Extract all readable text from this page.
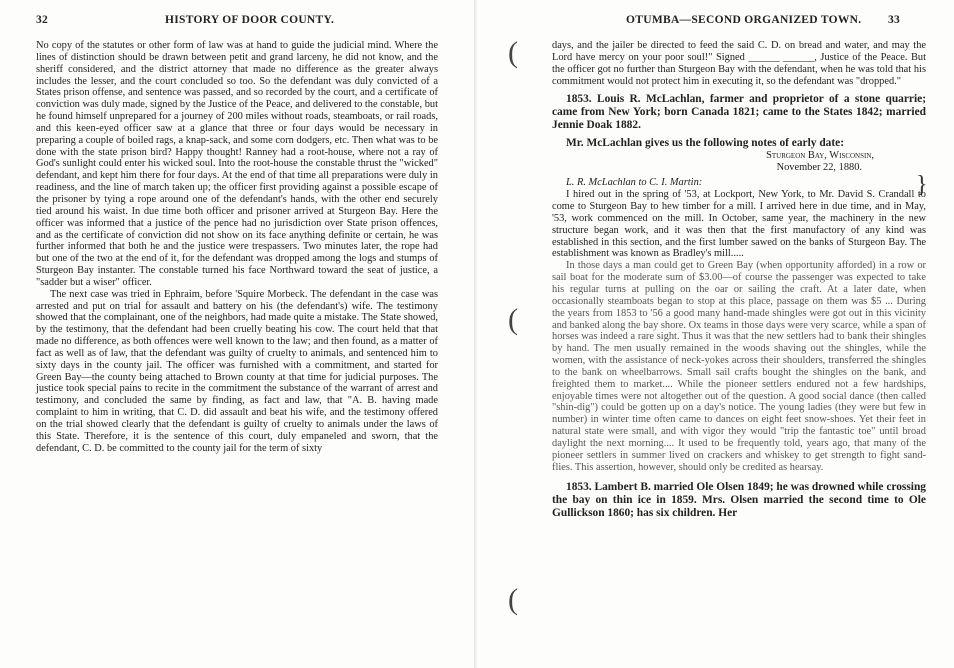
32	HISTORY OF DOOR COUNTY.

No copy of the statutes or other form of law was at hand to guide the judicial mind. Where the lines of distinction should be drawn between petit and grand larceny, he did not know, and the sheriff considered, and the district attorney that made no difference as the greater always includes the lesser, and the court concluded so too. So the defendant was duly convicted of a States prison offense, and sentence was passed, and so recorded by the court, and a certificate of conviction was duly made, signed by the Justice of the Peace, and delivered to the constable, but he found himself unprepared for a journey of 200 miles without roads, steamboats, or rail roads, and this keen-eyed officer saw at a glance that three or four days would be necessary in preparing a couple of boiled rags, a knap-sack, and some corn dodgers, etc. Then what was to be done with the state prison bird? Happy thought! Ranney had a root-house, where not a ray of God's sunlight could enter his wicked soul. Into the root-house the constable thrust the "wicked" defendant, and kept him there for four days. At the end of that time all preparations were duly in readiness, and the line of march taken up; the officer first providing against a possible escape of the prisoner by tying a rope around one of the defendant's hands, with the other end securely tied around his waist. In due time both officer and prisoner arrived at Sturgeon Bay. Here the officer was informed that a justice of the pence had no jurisdiction over State prison offences, and as the certificate of conviction did not show on its face anything definite or certain, he was further informed that both he and the justice were trespassers. Two minutes later, the rope had but one of the two at the end of it, for the defendant was dropped among the logs and stumps of Sturgeon Bay instanter. The constable turned his face Northward toward the seat of justice, a "sadder but a wiser" officer.

The next case was tried in Ephraim, before 'Squire Morbeck. The defendant in the case was arrested and put on trial for assault and battery on his (the defendant's) wife. The testimony showed that the complainant, one of the neighbors, had made quite a mistake. The State showed, by the testimony, that the defendant had been cruelly beating his cow. The court held that that made no difference, as both offences were well known to the law; and then found, as a matter of fact as well as of law, that the defendant was guilty of cruelty to animals, and sentenced him to sixty days in the county jail. The officer was furnished with a commitment, and started for Green Bay—the county being attached to Brown county at that time for judicial purposes. The justice took special pains to recite in the commitment the substance of the warrant of arrest and testimony, and concluded the same by finding, as fact and law, that "A. B. having made complaint to him in writing, that C. D. did assault and beat his wife, and the testimony offered on the trial showed clearly that the defendant is guilty of cruelty to animals under the laws of this State. Therefore, it is the sentence of this court, duly empaneled and sworn, that the defendant, C. D. be committed to the county jail for the term of sixty

OTUMBA—SECOND ORGANIZED TOWN. 33
(
(
(
}

days, and the jailer be directed to feed the said C. D. on bread and water, and may the Lord have mercy on your poor soul!" Signed ______ ______, Justice of the Peace. But the officer got no further than Sturgeon Bay with the defendant, when he was told that his commitment would not protect him in executing it, so the defendant was "dropped."

1853. Louis R. McLachlan, farmer and proprietor of a stone quarrie; came from New York; born Canada 1821; came to the States 1842; married Jennie Doak 1882.

Mr. McLachlan gives us the following notes of early date:

Sturgeon Bay, Wisconsin,

November 22, 1880.

L. R. McLachlan to C. I. Martin:

I hired out in the spring of '53, at Lockport, New York, to Mr. David S. Crandall to come to Sturgeon Bay to hew timber for a mill. I arrived here in due time, and in May, '53, work commenced on the mill. In October, same year, the machinery in the new structure began work, and it was then that the first manufactory of any kind was established in this section, and the first lumber sawed on the banks of Sturgeon Bay. The establishment was known as Bradley's mill.....

In those days a man could get to Green Bay (when opportunity afforded) in a row or sail boat for the moderate sum of $3.00—of course the passenger was expected to take his regular turns at pulling on the oar or sailing the craft. At a later date, when occasionally steamboats began to stop at this place, passage on them was $5 ... During the years from 1853 to '56 a good many hand-made shingles were got out in this vicinity and banked along the bay shore. Ox teams in those days were very scarce, while a span of horses was indeed a rare sight. Thus it was that the new settlers had to bank their shingles by hand. The men usually remained in the woods shaving out the shingles, while the women, with the assistance of neck-yokes across their shoulders, transferred the shingles to the bank on wheelbarrows. Small sail crafts bought the shingles on the bank, and freighted them to market.... While the pioneer settlers endured not a few hardships, enjoyable times were not altogether out of the question. A good social dance (then called "shin-dig") could be gotten up on a day's notice. The young ladies (they were but few in number) in winter time often came to dances on eight feet snow-shoes. Yet their feet in natural state were small, and with vigor they would "trip the fantastic toe" until broad daylight the next morning.... It used to be frequently told, years ago, that many of the pioneer settlers in summer lived on crackers and whiskey to get strength to fight sand-flies. This assertion, however, should only be credited as hearsay.

1853. Lambert B. married Ole Olsen 1849; he was drowned while crossing the bay on thin ice in 1859. Mrs. Olsen married the second time to Ole Gullickson 1860; has six children. Her
